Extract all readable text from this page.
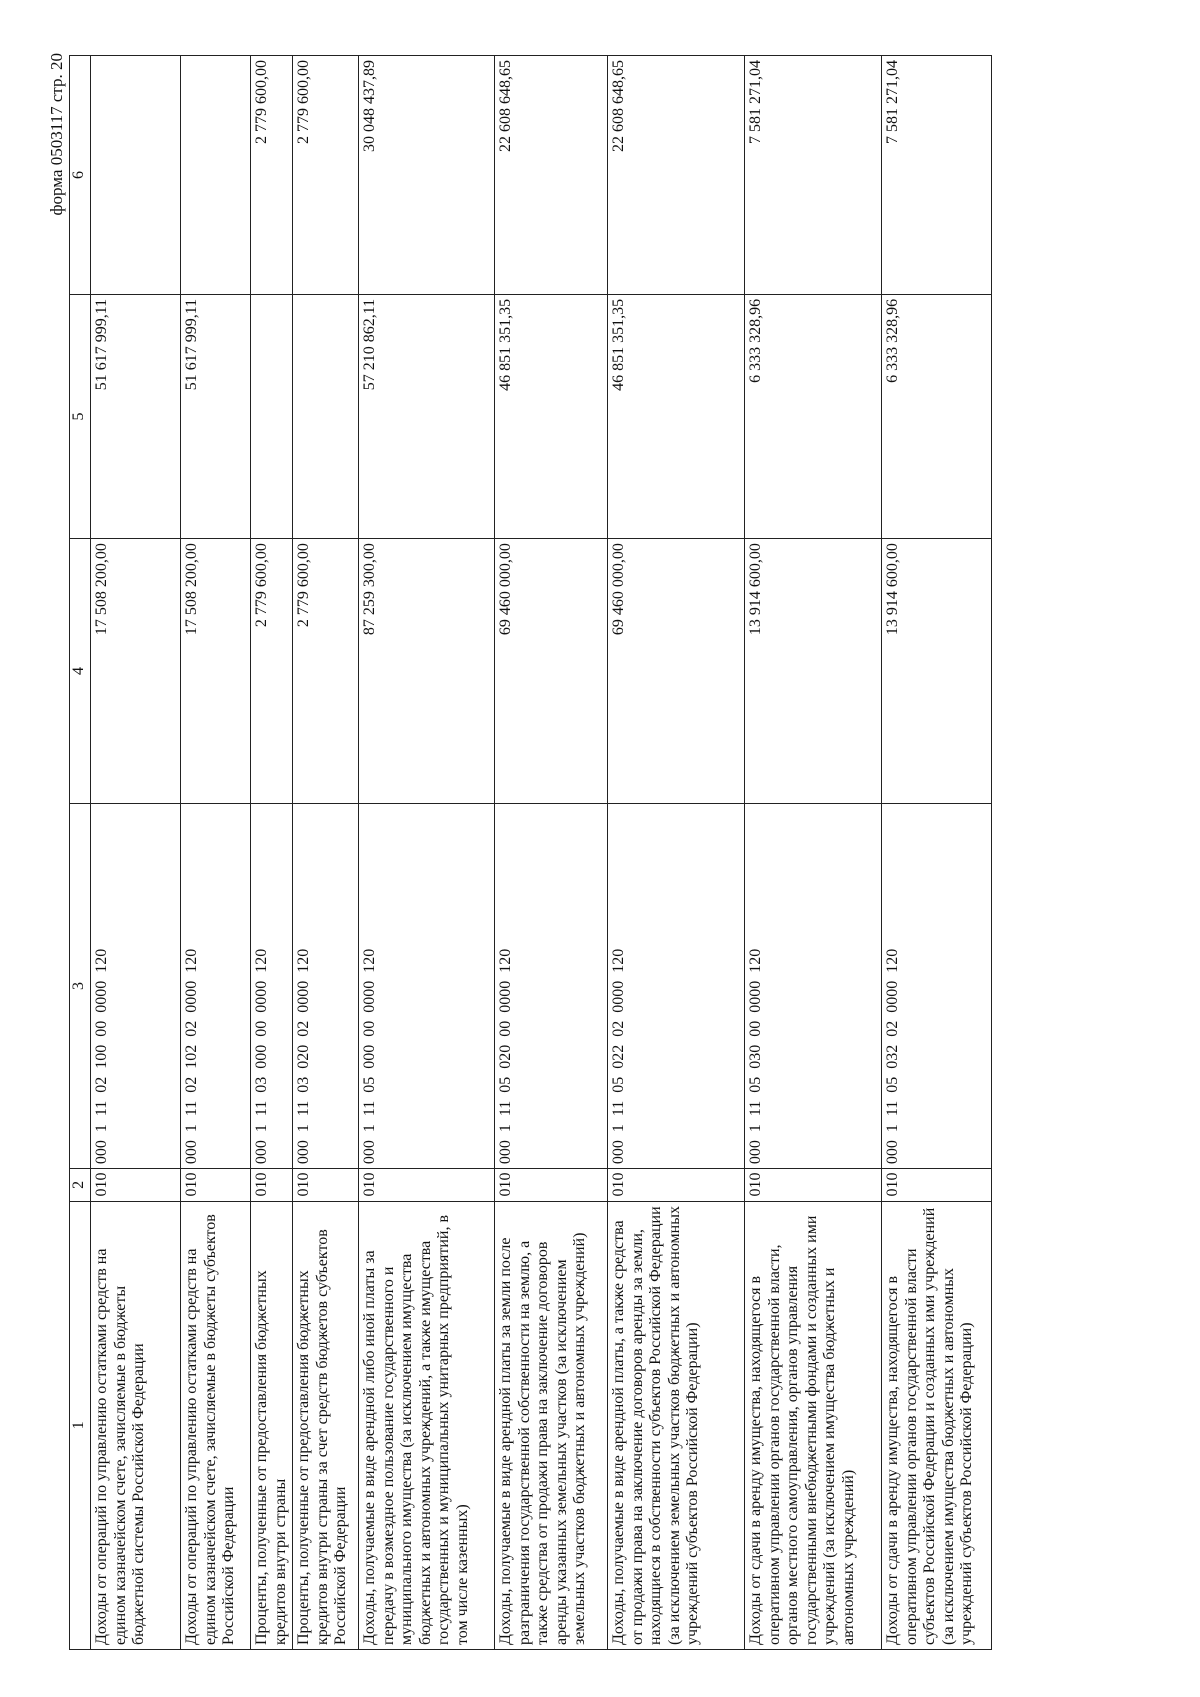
форма 0503117 стр. 20
1	2	3	4	5	6
Доходы от операций по управлению остатками средств на едином казначейском счете, зачисляемые в бюджеты бюджетной системы Российской Федерации	010	000 1 11 02 100 00 0000 120	17 508 200,00	51 617 999,11	
Доходы от операций по управлению остатками средств на едином казначейском счете, зачисляемые в бюджеты субъектов Российской Федерации	010	000 1 11 02 102 02 0000 120	17 508 200,00	51 617 999,11	
Проценты, полученные от предоставления бюджетных кредитов внутри страны	010	000 1 11 03 000 00 0000 120	2 779 600,00		2 779 600,00
Проценты, полученные от предоставления бюджетных кредитов внутри страны за счет средств бюджетов субъектов Российской Федерации	010	000 1 11 03 020 02 0000 120	2 779 600,00		2 779 600,00
Доходы, получаемые в виде арендной либо иной платы за передачу в возмездное пользование государственного и муниципального имущества (за исключением имущества бюджетных и автономных учреждений, а также имущества государственных и муниципальных унитарных предприятий, в том числе казенных)	010	000 1 11 05 000 00 0000 120	87 259 300,00	57 210 862,11	30 048 437,89
Доходы, получаемые в виде арендной платы за земли после разграничения государственной собственности на землю, а также средства от продажи права на заключение договоров аренды указанных земельных участков (за исключением земельных участков бюджетных и автономных учреждений)	010	000 1 11 05 020 00 0000 120	69 460 000,00	46 851 351,35	22 608 648,65
Доходы, получаемые в виде арендной платы, а также средства от продажи права на заключение договоров аренды за земли, находящиеся в собственности субъектов Российской Федерации (за исключением земельных участков бюджетных и автономных учреждений субъектов Российской Федерации)	010	000 1 11 05 022 02 0000 120	69 460 000,00	46 851 351,35	22 608 648,65
Доходы от сдачи в аренду имущества, находящегося в оперативном управлении органов государственной власти, органов местного самоуправления, органов управления государственными внебюджетными фондами и созданных ими учреждений (за исключением имущества бюджетных и автономных учреждений)	010	000 1 11 05 030 00 0000 120	13 914 600,00	6 333 328,96	7 581 271,04
Доходы от сдачи в аренду имущества, находящегося в оперативном управлении органов государственной власти субъектов Российской Федерации и созданных ими учреждений (за исключением имущества бюджетных и автономных учреждений субъектов Российской Федерации)	010	000 1 11 05 032 02 0000 120	13 914 600,00	6 333 328,96	7 581 271,04
